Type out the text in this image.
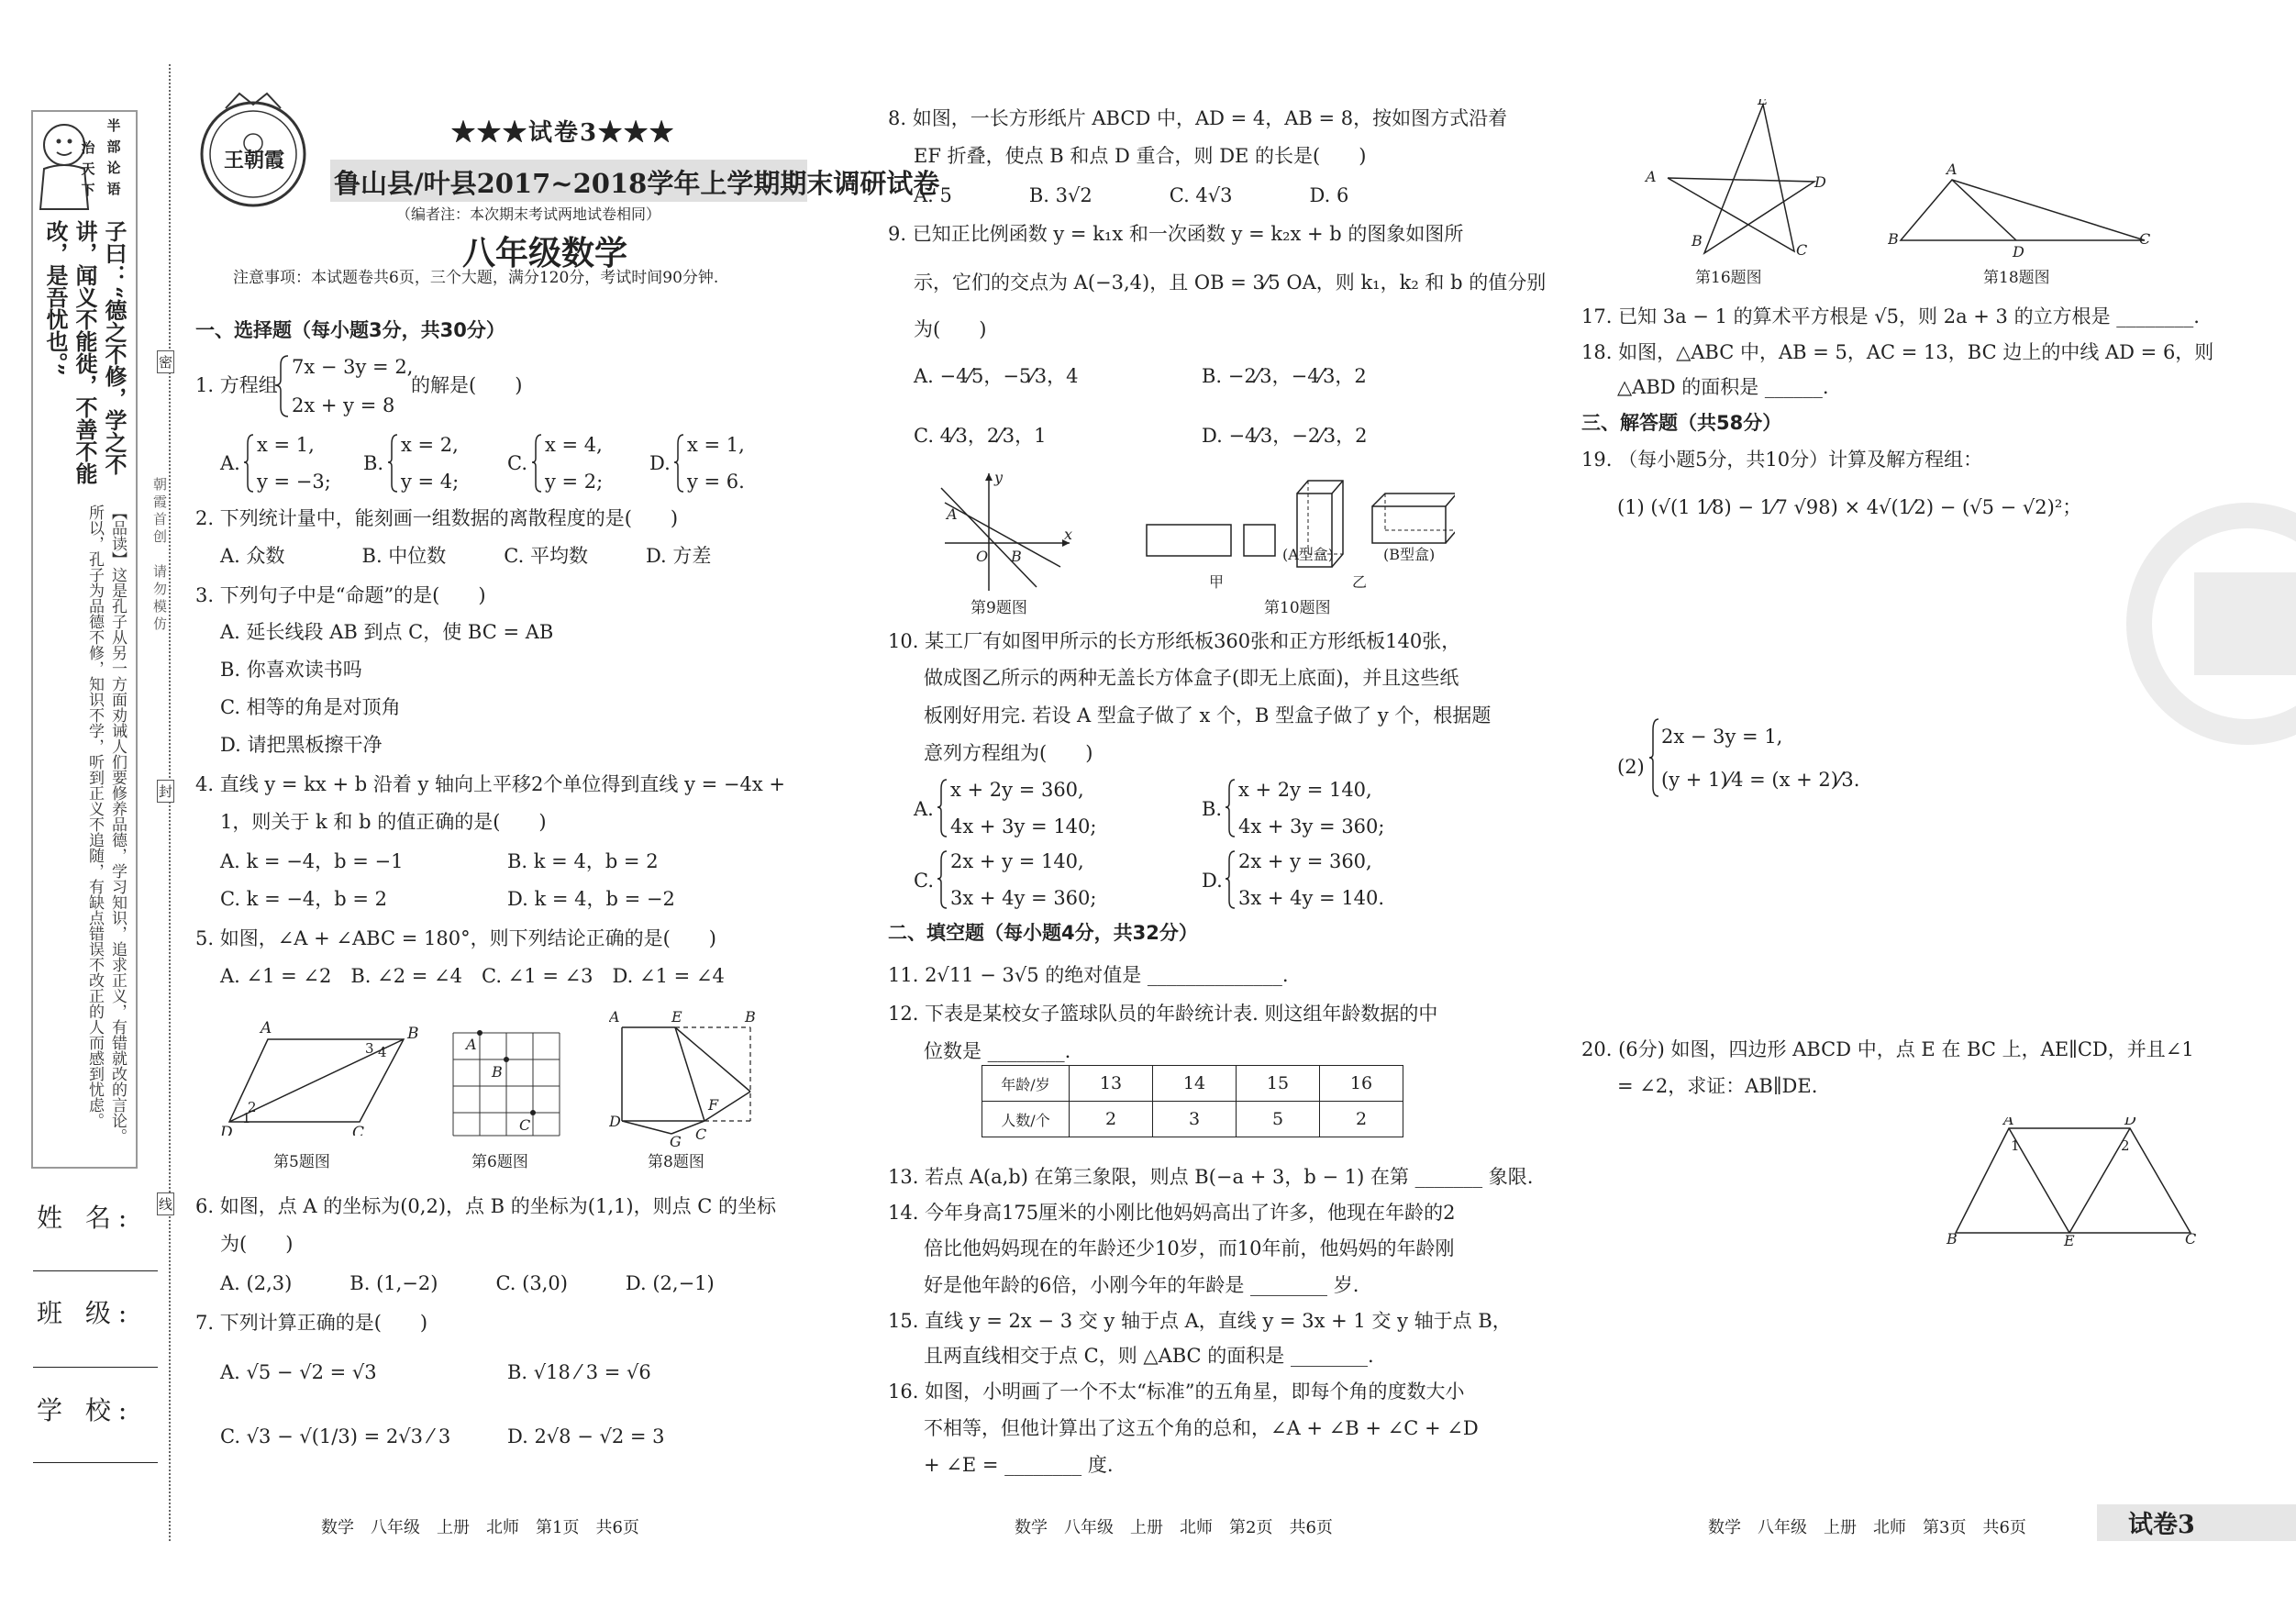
半
部
论
语
治
天
下
子曰：“德之不修，学之不讲，闻义不能徙，不善不能改，是吾忧也。”
【品读】这是孔子从另一方面劝诫人们要修养品德，学习知识，追求正义，有错就改的言论。所以，孔子为品德不修，知识不学，听到正义不追随，有缺点错误不改正的人而感到忧虑。	朝霞首创　请勿模仿
密
封
线
姓 名:
班 级:
学 校:
王朝霞
★★★试卷3★★★
鲁山县/叶县2017~2018学年上学期期末调研试卷
（编者注：本次期末考试两地试卷相同）
八年级数学
注意事项：本试题卷共6页，三个大题，满分120分，考试时间90分钟.
一、选择题（每小题3分，共30分）
1. 方程组
7x − 3y = 2,
2x + y = 8
的解是(　　)
A.
x = 1,
y = −3;
B.
x = 2,
y = 4;
C.
x = 4,
y = 2;
D.
x = 1,
y = 6.
2. 下列统计量中，能刻画一组数据的离散程度的是(　　)
A. 众数　　　　B. 中位数　　　C. 平均数　　　D. 方差
3. 下列句子中是“命题”的是(　　)
A. 延长线段 AB 到点 C，使 BC = AB
B. 你喜欢读书吗
C. 相等的角是对顶角
D. 请把黑板擦干净
4. 直线 y = kx + b 沿着 y 轴向上平移2个单位得到直线 y = −4x +
1，则关于 k 和 b 的值正确的是(　　)
A. k = −4，b = −1	B. k = 4，b = 2
C. k = −4，b = 2	D. k = 4，b = −2
5. 如图，∠A + ∠ABC = 180°，则下列结论正确的是(　　)
A. ∠1 = ∠2　B. ∠2 = ∠4　C. ∠1 = ∠3　D. ∠1 = ∠4
6. 如图，点 A 的坐标为(0,2)，点 B 的坐标为(1,1)，则点 C 的坐标
为(　　)
A. (2,3)　　　B. (1,−2)　　　C. (3,0)　　　D. (2,−1)
7. 下列计算正确的是(　　)
A. √5 − √2 = √3	B. √18 ⁄ 3 = √6
C. √3 − √(1/3) = 2√3 ⁄ 3	D. 2√8 − √2 = 3
A	B
C
D
2
1
3 4
第5题图
A
B
C
第6题图
A	E	B
D
C
F
G
第8题图
8. 如图，一长方形纸片 ABCD 中，AD = 4，AB = 8，按如图方式沿着
EF 折叠，使点 B 和点 D 重合，则 DE 的长是(　　)
A. 5　　　　B. 3√2　　　　C. 4√3　　　　D. 6
9. 已知正比例函数 y = k₁x 和一次函数 y = k₂x + b 的图象如图所
示，它们的交点为 A(−3,4)，且 OB = 3⁄5 OA，则 k₁，k₂ 和 b 的值分别
为(　　)
A. −4⁄5，−5⁄3，4	B. −2⁄3，−4⁄3，2
C. 4⁄3，2⁄3，1	D. −4⁄3，−2⁄3，2
10. 某工厂有如图甲所示的长方形纸板360张和正方形纸板140张，
做成图乙所示的两种无盖长方体盒子(即无上底面)，并且这些纸
板刚好用完. 若设 A 型盒子做了 x 个，B 型盒子做了 y 个，根据题
意列方程组为(　　)
A.
x + 2y = 360,
4x + 3y = 140;
B.
x + 2y = 140,
4x + 3y = 360;
C.
2x + y = 140,
3x + 4y = 360;
D.
2x + y = 360,
3x + 4y = 140.
二、填空题（每小题4分，共32分）
11. 2√11 − 3√5 的绝对值是 ______________.
12. 下表是某校女子篮球队员的年龄统计表. 则这组年龄数据的中
位数是 ________.
13. 若点 A(a,b) 在第三象限，则点 B(−a + 3，b − 1) 在第 _______ 象限.
14. 今年身高175厘米的小刚比他妈妈高出了许多，他现在年龄的2
倍比他妈妈现在的年龄还少10岁，而10年前，他妈妈的年龄刚
好是他年龄的6倍，小刚今年的年龄是 ________ 岁.
15. 直线 y = 2x − 3 交 y 轴于点 A，直线 y = 3x + 1 交 y 轴于点 B，
且两直线相交于点 C，则 △ABC 的面积是 ________.
16. 如图，小明画了一个不太“标准”的五角星，即每个角的度数大小
不相等，但他计算出了这五个角的总和，∠A + ∠B + ∠C + ∠D
+ ∠E = ________ 度.
A
O B
x
y
第9题图
(A型盒)	(B型盒)
甲	乙
第10题图
年龄/岁	13	14	15	16
人数/个	2	3	5	2
E
A	D
B
C
第16题图
A
B
D
C
第18题图
17. 已知 3a − 1 的算术平方根是 √5，则 2a + 3 的立方根是 ________.
18. 如图，△ABC 中，AB = 5，AC = 13，BC 边上的中线 AD = 6，则
△ABD 的面积是 ______.
三、解答题（共58分）
19. （每小题5分，共10分）计算及解方程组：
(1) (√(1 1⁄8) − 1⁄7 √98) × 4√(1⁄2) − (√5 − √2)²；
(2)
2x − 3y = 1,
(y + 1)⁄4 = (x + 2)⁄3.
20. (6分) 如图，四边形 ABCD 中，点 E 在 BC 上，AE∥CD，并且∠1
= ∠2，求证：AB∥DE.
A	D
B	E	C
1	2
数学　八年级　上册　北师　第1页　共6页	数学　八年级　上册　北师　第2页　共6页	数学　八年级　上册　北师　第3页　共6页	试卷3
